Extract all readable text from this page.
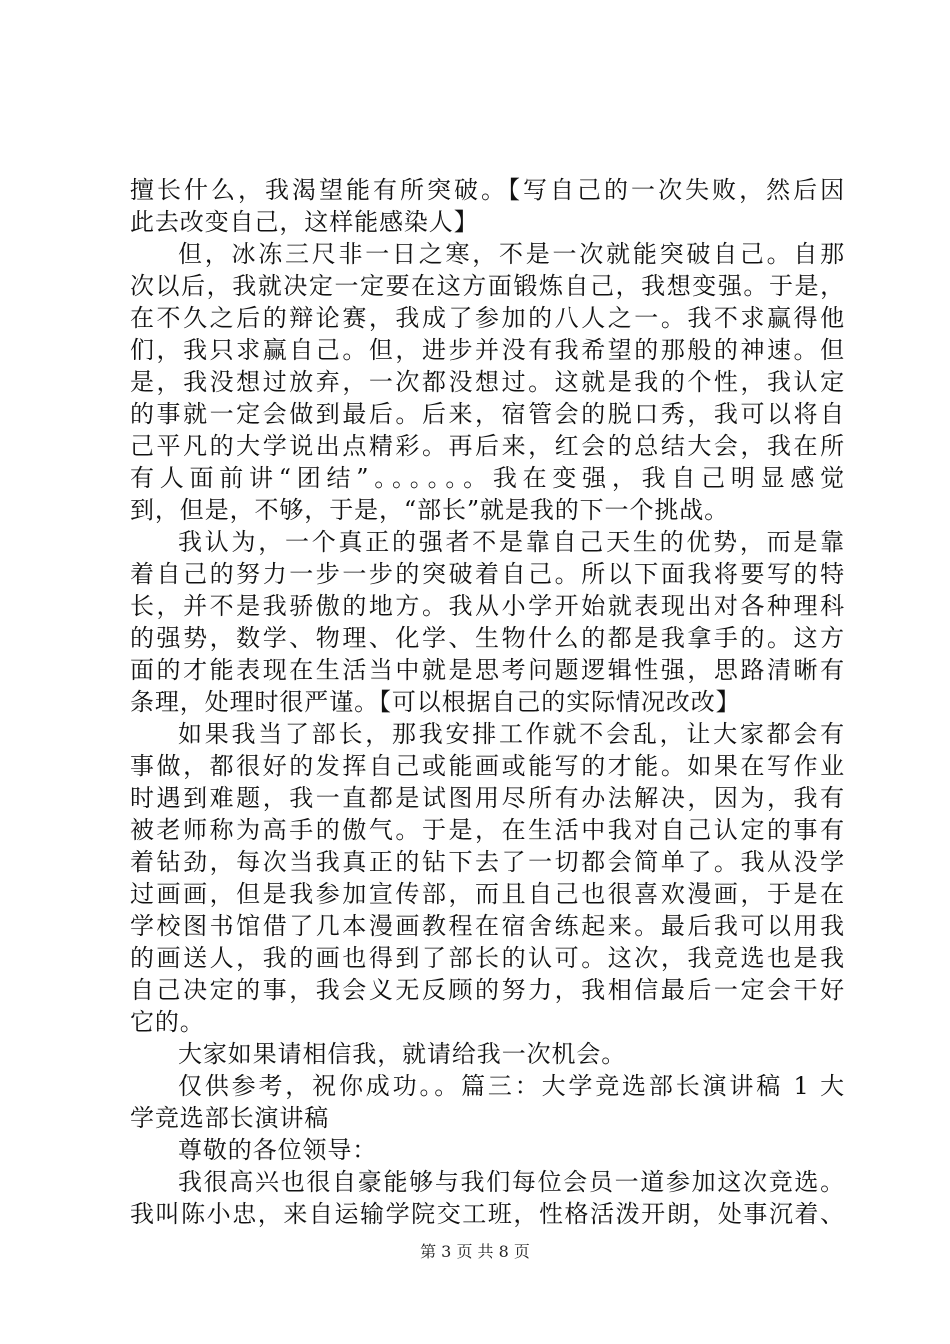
擅长什么，我渴望能有所突破。【写自己的一次失败，然后因
此去改变自己，这样能感染人】
但，冰冻三尺非一日之寒，不是一次就能突破自己。自那
次以后，我就决定一定要在这方面锻炼自己，我想变强。于是，
在不久之后的辩论赛，我成了参加的八人之一。我不求赢得他
们，我只求赢自己。但，进步并没有我希望的那般的神速。但
是，我没想过放弃，一次都没想过。这就是我的个性，我认定
的事就一定会做到最后。后来，宿管会的脱口秀，我可以将自
己平凡的大学说出点精彩。再后来，红会的总结大会，我在所
有人面前讲“团结”。。。。。。我在变强，我自己明显感觉
到，但是，不够，于是，“部长”就是我的下一个挑战。
我认为，一个真正的强者不是靠自己天生的优势，而是靠
着自己的努力一步一步的突破着自己。所以下面我将要写的特
长，并不是我骄傲的地方。我从小学开始就表现出对各种理科
的强势，数学、物理、化学、生物什么的都是我拿手的。这方
面的才能表现在生活当中就是思考问题逻辑性强，思路清晰有
条理，处理时很严谨。【可以根据自己的实际情况改改】
如果我当了部长，那我安排工作就不会乱，让大家都会有
事做，都很好的发挥自己或能画或能写的才能。如果在写作业
时遇到难题，我一直都是试图用尽所有办法解决，因为，我有
被老师称为高手的傲气。于是，在生活中我对自己认定的事有
着钻劲，每次当我真正的钻下去了一切都会简单了。我从没学
过画画，但是我参加宣传部，而且自己也很喜欢漫画，于是在
学校图书馆借了几本漫画教程在宿舍练起来。最后我可以用我
的画送人，我的画也得到了部长的认可。这次，我竞选也是我
自己决定的事，我会义无反顾的努力，我相信最后一定会干好
它的。
大家如果请相信我，就请给我一次机会。
仅供参考，祝你成功。。篇三：大学竞选部长演讲稿 1 大
学竞选部长演讲稿
尊敬的各位领导：
我很高兴也很自豪能够与我们每位会员一道参加这次竞选。
我叫陈小忠，来自运输学院交工班，性格活泼开朗，处事沉着、
第 3 页 共 8 页
